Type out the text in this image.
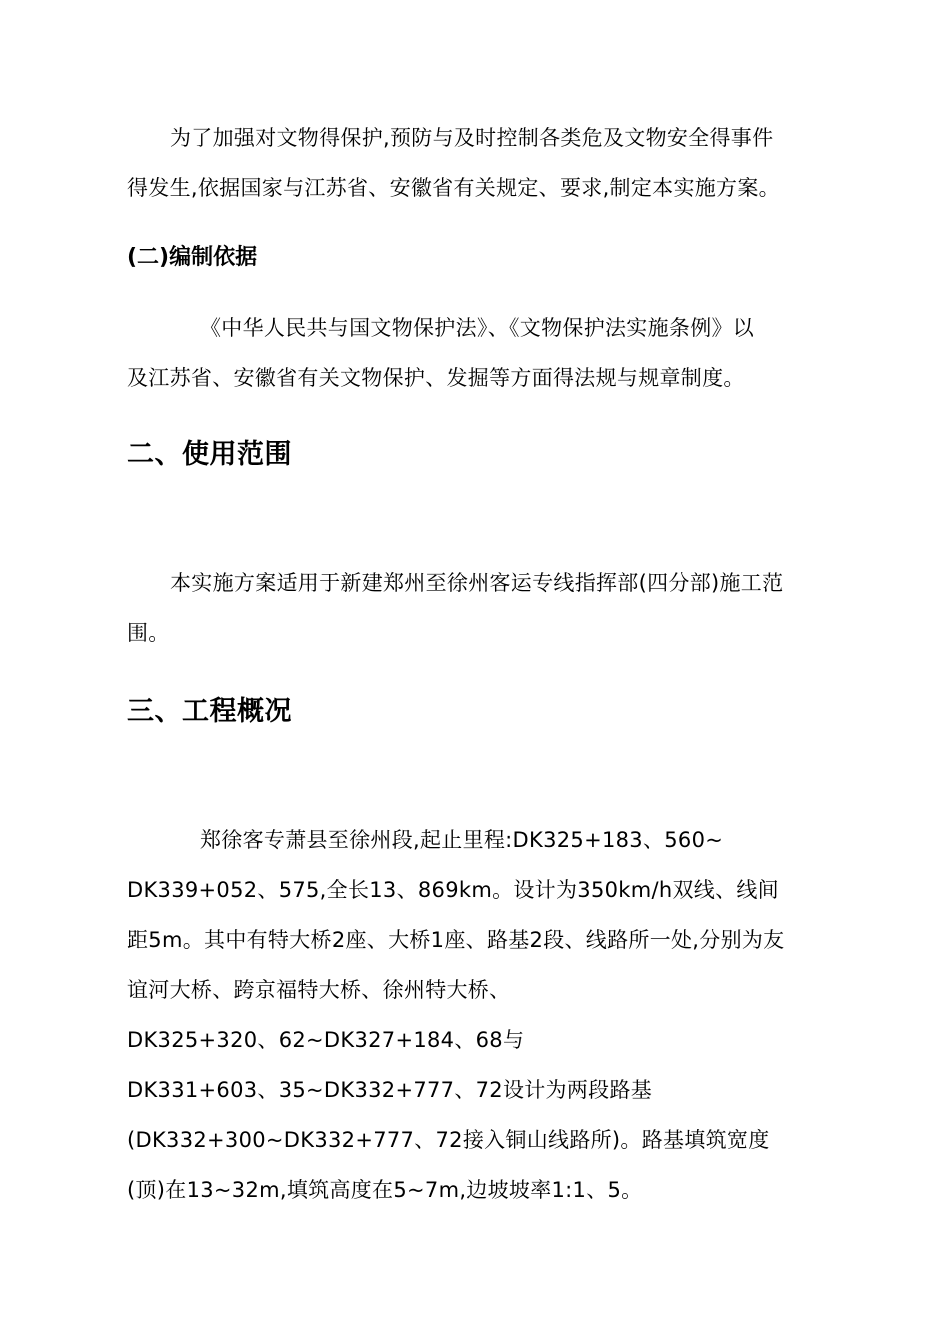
为了加强对文物得保护,预防与及时控制各类危及文物安全得事件
得发生,依据国家与江苏省、安徽省有关规定、要求,制定本实施方案。
(二)编制依据
《中华人民共与国文物保护法》、《文物保护法实施条例》以
及江苏省、安徽省有关文物保护、发掘等方面得法规与规章制度。
二、使用范围
本实施方案适用于新建郑州至徐州客运专线指挥部(四分部)施工范
围。
三、工程概况
郑徐客专萧县至徐州段,起止里程:DK325+183、560~
DK339+052、575,全长13、869km。设计为350km/h双线、线间
距5m。其中有特大桥2座、大桥1座、路基2段、线路所一处,分别为友
谊河大桥、跨京福特大桥、徐州特大桥、
DK325+320、62~DK327+184、68与
DK331+603、35~DK332+777、72设计为两段路基
(DK332+300~DK332+777、72接入铜山线路所)。路基填筑宽度
(顶)在13~32m,填筑高度在5~7m,边坡坡率1:1、5。
